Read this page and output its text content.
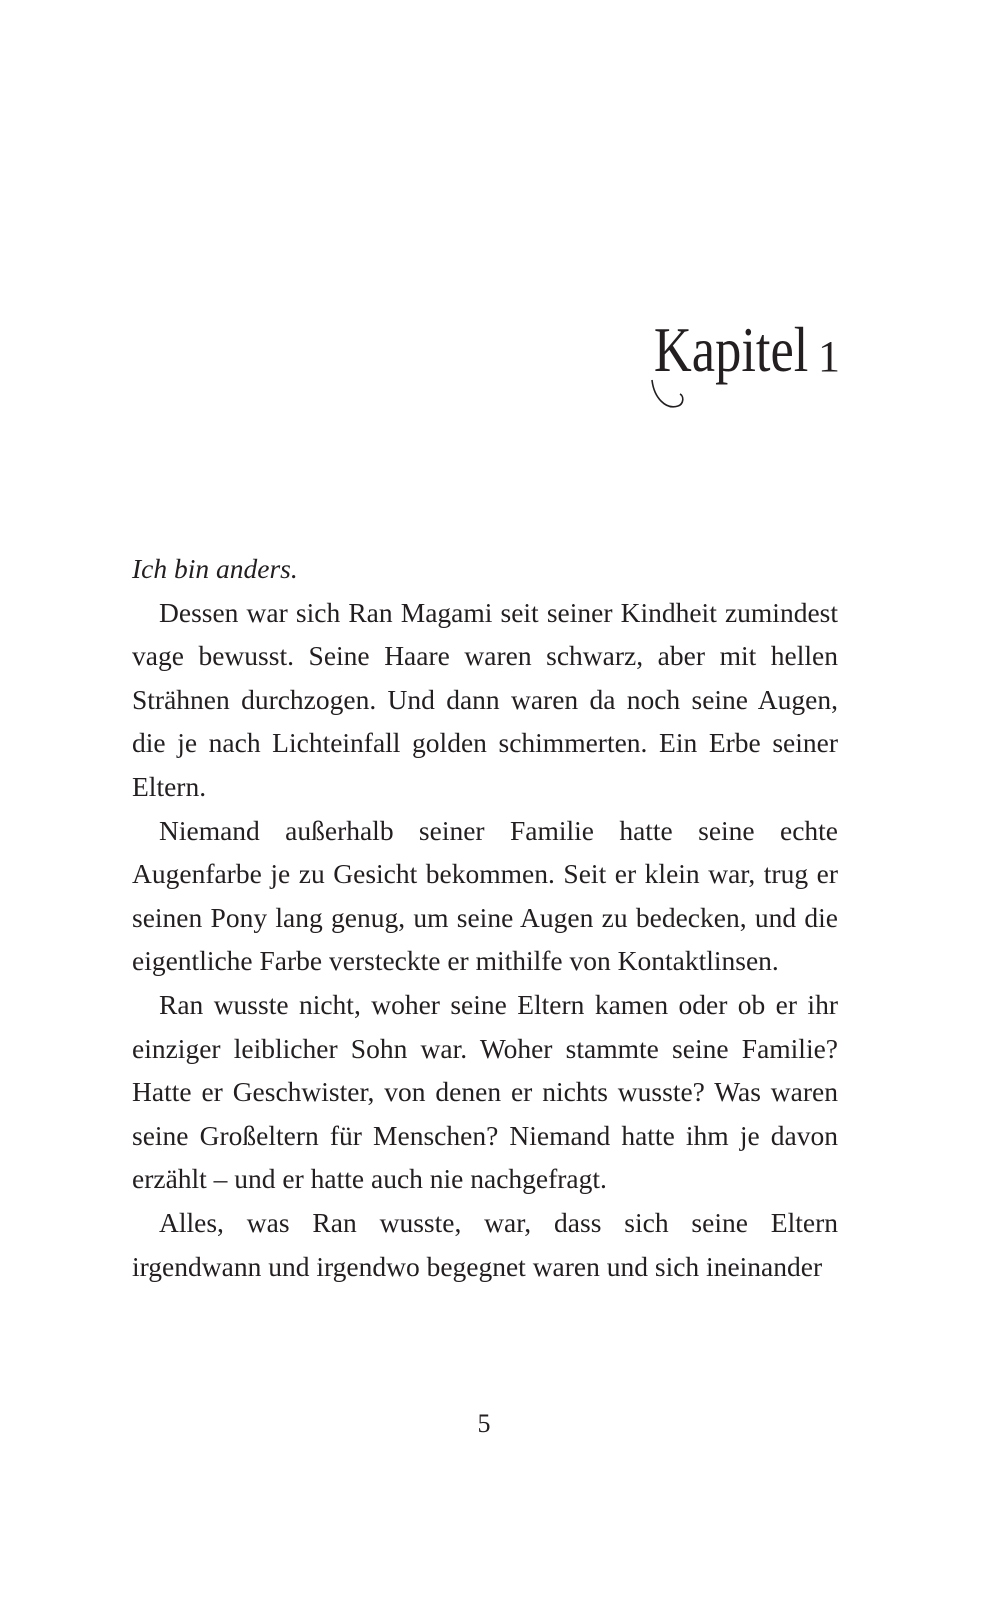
Kapitel 1

Ich bin anders.

Dessen war sich Ran Magami seit seiner Kindheit zumindest vage bewusst. Seine Haare waren schwarz, aber mit hellen Strähnen durchzogen. Und dann waren da noch seine Augen, die je nach Lichteinfall golden schimmerten. Ein Erbe seiner Eltern.

Niemand außerhalb seiner Familie hatte seine echte Augenfarbe je zu Gesicht bekommen. Seit er klein war, trug er seinen Pony lang genug, um seine Augen zu bedecken, und die eigentliche Farbe versteckte er mithilfe von Kontaktlinsen.

Ran wusste nicht, woher seine Eltern kamen oder ob er ihr einziger leiblicher Sohn war. Woher stammte seine Familie? Hatte er Geschwister, von denen er nichts wusste? Was waren seine Großeltern für Menschen? Niemand hatte ihm je davon erzählt – und er hatte auch nie nachgefragt.

Alles, was Ran wusste, war, dass sich seine Eltern irgendwann und irgendwo begegnet waren und sich ineinander

5
